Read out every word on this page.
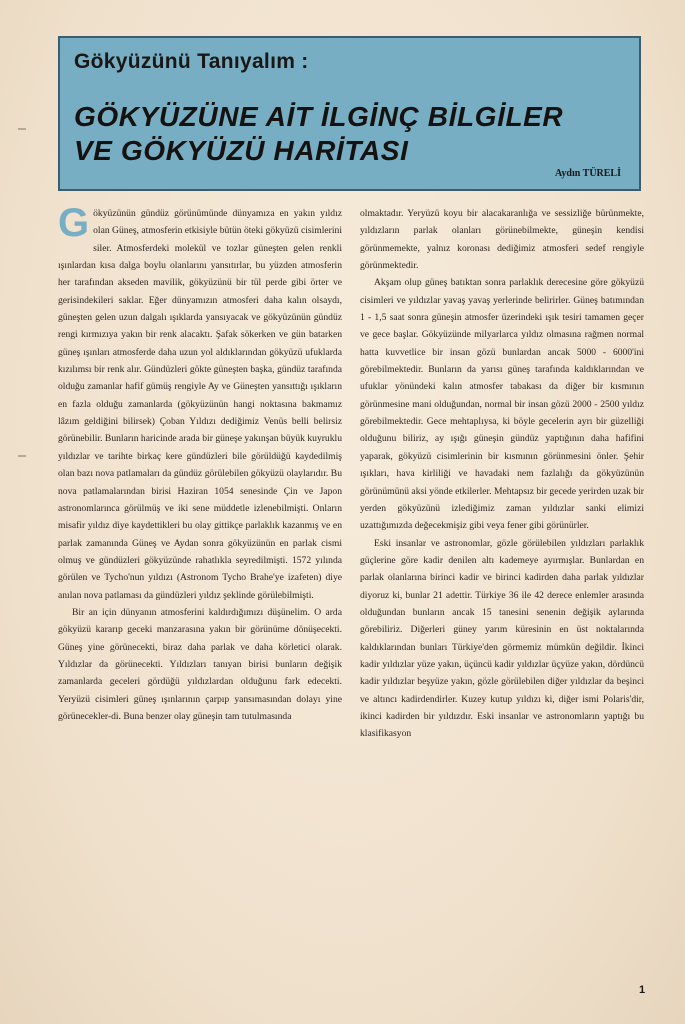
Gökyüzünü Tanıyalım :
GÖKYÜZÜNE AİT İLGİNÇ BİLGİLER
VE GÖKYÜZÜ HARİTASI
Aydın TÜRELİ

Gökyüzünün gündüz görünümünde dünyamıza en yakın yıldız olan Güneş, atmosferin etkisiyle bütün öteki gökyüzü cisimlerini siler. Atmosferdeki molekül ve tozlar güneşten gelen renkli ışınlardan kısa dalga boylu olanlarını yansıtırlar, bu yüzden atmosferin her tarafından akseden mavilik, gökyüzünü bir tül perde gibi örter ve gerisindekileri saklar. Eğer dünyamızın atmosferi daha kalın olsaydı, güneşten gelen uzun dalgalı ışıklarda yansıyacak ve gökyüzünün gündüz rengi kırmızıya yakın bir renk alacaktı. Şafak sökerken ve gün batarken güneş ışınları atmosferde daha uzun yol aldıklarından gökyüzü ufuklarda kızılımsı bir renk alır. Gündüzleri gökte güneşten başka, gündüz tarafında olduğu zamanlar hafif gümüş rengiyle Ay ve Güneşten yansıttığı ışıkların en fazla olduğu zamanlarda (gökyüzünün hangi noktasına bakmamız lâzım geldiğini bilirsek) Çoban Yıldızı dediğimiz Venüs belli belirsiz görünebilir. Bunların haricinde arada bir güneşe yakınşan büyük kuyruklu yıldızlar ve tarihte birkaç kere gündüzleri bile görüldüğü kaydedilmiş olan bazı nova patlamaları da gündüz görülebilen gökyüzü olaylarıdır. Bu nova patlamalarından birisi Haziran 1054 senesinde Çin ve Japon astronomlarınca görülmüş ve iki sene müddetle izlenebilmişti. Onların misafir yıldız diye kaydettikleri bu olay gittikçe parlaklık kazanmış ve en parlak zamanında Güneş ve Aydan sonra gökyüzünün en parlak cismi olmuş ve gündüzleri gökyüzünde rahatlıkla seyredilmişti. 1572 yılında görülen ve Tycho'nun yıldızı (Astronom Tycho Brahe'ye izafeten) diye anılan nova patlaması da gündüzleri yıldız şeklinde görülebilmişti.

Bir an için dünyanın atmosferini kaldırdığımızı düşünelim. O arda gökyüzü kararıp geceki manzarasına yakın bir görünüme dönüşecekti. Güneş yine görünecekti, biraz daha parlak ve daha körletici olarak. Yıldızlar da görünecekti. Yıldızları tanıyan birisi bunların değişik zamanlarda geceleri gördüğü yıldızlardan olduğunu fark edecekti. Yeryüzü cisimleri güneş ışınlarının çarpıp yansımasından dolayı yine görünecekler-di. Buna benzer olay güneşin tam tutulmasında

olmaktadır. Yeryüzü koyu bir alacakaranlığa ve sessizliğe bürünmekte, yıldızların parlak olanları görünebilmekte, güneşin kendisi görünmemekte, yalnız koronası dediğimiz atmosferi sedef rengiyle görünmektedir.

Akşam olup güneş batıktan sonra parlaklık derecesine göre gökyüzü cisimleri ve yıldızlar yavaş yavaş yerlerinde belirirler. Güneş batımından 1 - 1,5 saat sonra güneşin atmosfer üzerindeki ışık tesiri tamamen geçer ve gece başlar. Gökyüzünde milyarlarca yıldız olmasına rağmen normal hatta kuvvetlice bir insan gözü bunlardan ancak 5000 - 6000'ini görebilmektedir. Bunların da yarısı güneş tarafında kaldıklarından ve ufuklar yönündeki kalın atmosfer tabakası da diğer bir kısmının görünmesine mani olduğundan, normal bir insan gözü 2000 - 2500 yıldız görebilmektedir. Gece mehtaplıysa, ki böyle gecelerin ayrı bir güzelliği olduğunu biliriz, ay ışığı güneşin gündüz yaptığının daha hafifini yaparak, gökyüzü cisimlerinin bir kısmının görünmesini önler. Şehir ışıkları, hava kirliliği ve havadaki nem fazlalığı da gökyüzünün görünümünü aksi yönde etkilerler. Mehtapsız bir gecede yerirden uzak bir yerden gökyüzünü izlediğimiz zaman yıldızlar sanki elimizi uzattığımızda değecekmişiz gibi veya fener gibi görünürler.

Eski insanlar ve astronomlar, gözle görülebilen yıldızları parlaklık güçlerine göre kadir denilen altı kademeye ayırmışlar. Bunlardan en parlak olanlarına birinci kadir ve birinci kadirden daha parlak yıldızlar diyoruz ki, bunlar 21 adettir. Türkiye 36 ile 42 derece enlemler arasında olduğundan bunların ancak 15 tanesini senenin değişik aylarında görebiliriz. Diğerleri güney yarım küresinin en üst noktalarında kaldıklarından bunları Türkiye'den görmemiz mümkün değildir. İkinci kadir yıldızlar yüze yakın, üçüncü kadir yıldızlar üçyüze yakın, dördüncü kadir yıldızlar beşyüze yakın, gözle görülebilen diğer yıldızlar da beşinci ve altıncı kadirdendirler. Kuzey kutup yıldızı ki, diğer ismi Polaris'dir, ikinci kadirden bir yıldızdır. Eski insanlar ve astronomların yaptığı bu klasifikasyon

1
